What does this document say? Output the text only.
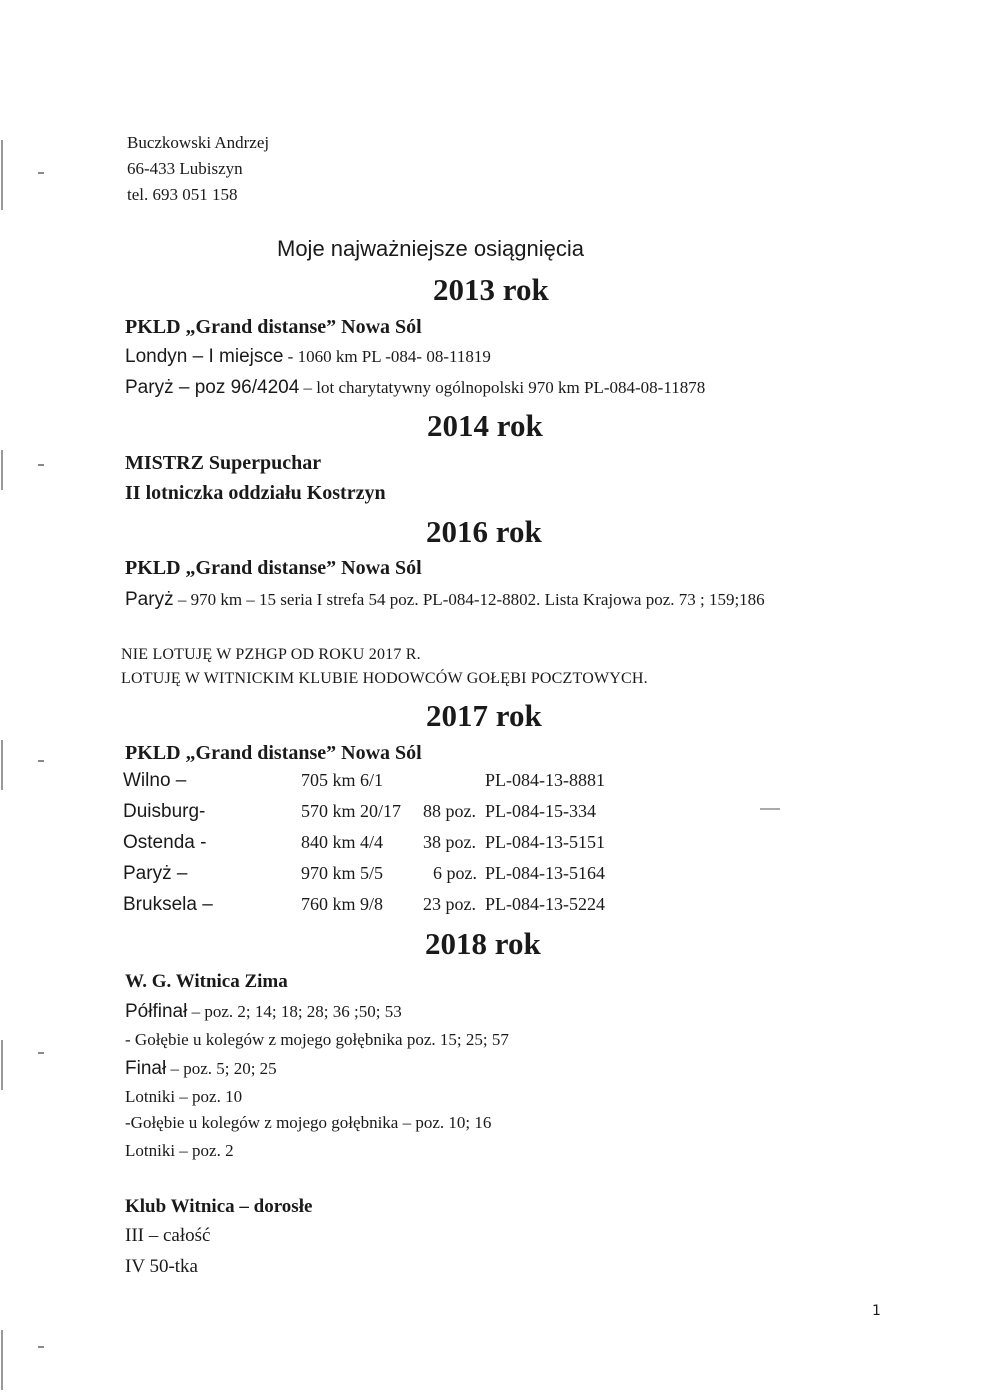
Buczkowski Andrzej
66-433 Lubiszyn
tel. 693 051 158
Moje najważniejsze osiągnięcia
2013 rok
PKLD „Grand distanse” Nowa Sól
Londyn – I miejsce - 1060 km PL -084- 08-11819
Paryż – poz 96/4204 – lot charytatywny ogólnopolski 970 km PL-084-08-11878
2014 rok
MISTRZ Superpuchar
II lotniczka oddziału Kostrzyn
2016 rok
PKLD „Grand distanse” Nowa Sól
Paryż – 970 km – 15 seria I strefa 54 poz. PL-084-12-8802. Lista Krajowa poz. 73 ; 159;186
NIE LOTUJĘ W PZHGP OD ROKU 2017 R.
LOTUJĘ W WITNICKIM KLUBIE HODOWCÓW GOŁĘBI POCZTOWYCH.
2017 rok
PKLD „Grand distanse” Nowa Sól
Wilno –	705 km 6/1	PL-084-13-8881
Duisburg-	570 km 20/17 88 poz. PL-084-15-334
Ostenda -	840 km 4/4 38 poz. PL-084-13-5151
Paryż –	970 km 5/5	6 poz. PL-084-13-5164
Bruksela –	760 km 9/8 23 poz. PL-084-13-5224
2018 rok
W. G. Witnica Zima
Półfinał – poz. 2; 14; 18; 28; 36 ;50; 53
- Gołębie u kolegów z mojego gołębnika poz. 15; 25; 57
Finał – poz. 5; 20; 25
Lotniki – poz. 10
-Gołębie u kolegów z mojego gołębnika – poz. 10; 16
Lotniki – poz. 2
Klub Witnica – dorosłe
III – całość
IV 50-tka
1
